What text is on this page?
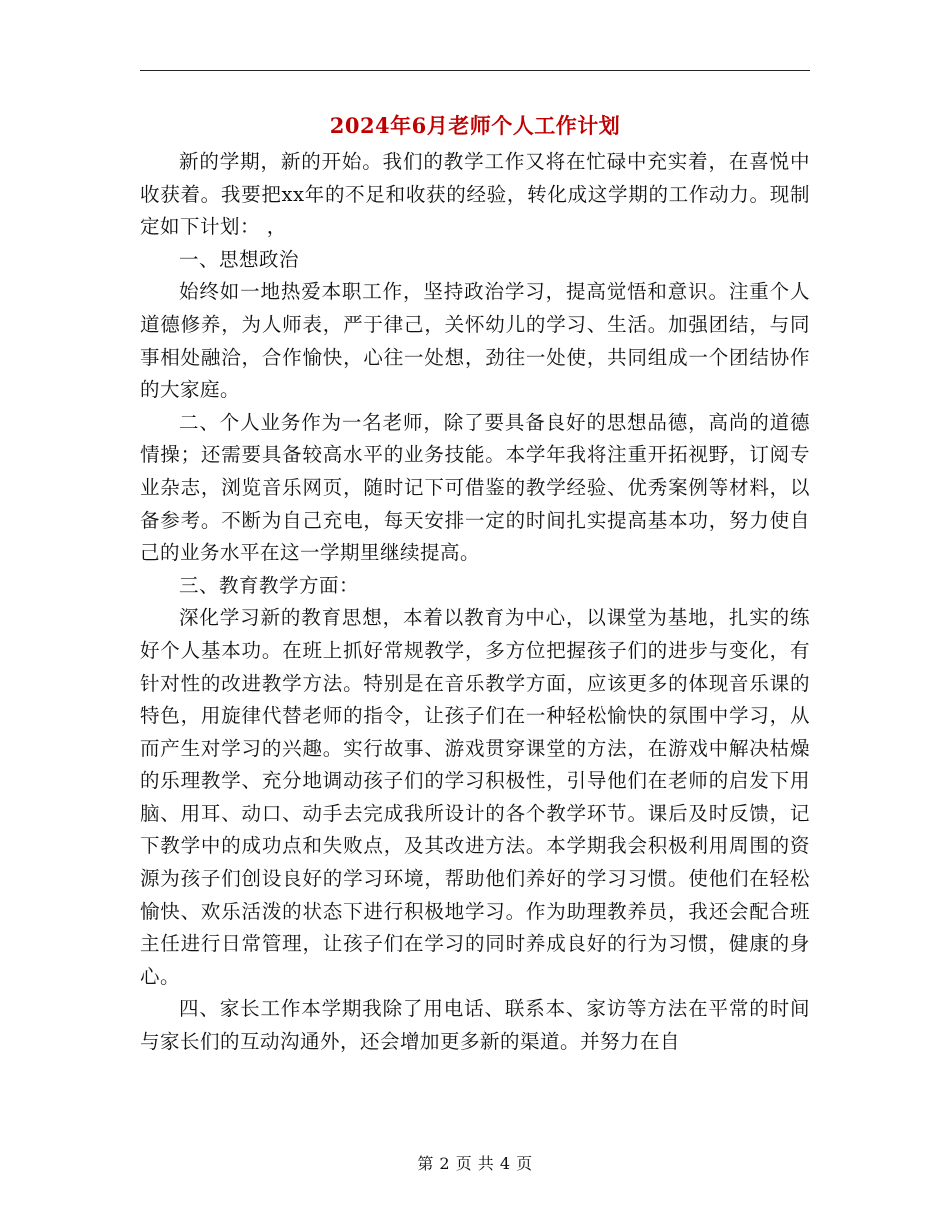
2024年6月老师个人工作计划

新的学期，新的开始。我们的教学工作又将在忙碌中充实着，在喜悦中收获着。我要把xx年的不足和收获的经验，转化成这学期的工作动力。现制定如下计划： ，

一、思想政治

始终如一地热爱本职工作，坚持政治学习，提高觉悟和意识。注重个人道德修养，为人师表，严于律己，关怀幼儿的学习、生活。加强团结，与同事相处融洽，合作愉快，心往一处想，劲往一处使，共同组成一个团结协作的大家庭。

二、个人业务作为一名老师，除了要具备良好的思想品德，高尚的道德情操；还需要具备较高水平的业务技能。本学年我将注重开拓视野，订阅专业杂志，浏览音乐网页，随时记下可借鉴的教学经验、优秀案例等材料，以备参考。不断为自己充电，每天安排一定的时间扎实提高基本功，努力使自己的业务水平在这一学期里继续提高。

三、教育教学方面：

深化学习新的教育思想，本着以教育为中心，以课堂为基地，扎实的练好个人基本功。在班上抓好常规教学，多方位把握孩子们的进步与变化，有针对性的改进教学方法。特别是在音乐教学方面，应该更多的体现音乐课的特色，用旋律代替老师的指令，让孩子们在一种轻松愉快的氛围中学习，从而产生对学习的兴趣。实行故事、游戏贯穿课堂的方法，在游戏中解决枯燥的乐理教学、充分地调动孩子们的学习积极性，引导他们在老师的启发下用脑、用耳、动口、动手去完成我所设计的各个教学环节。课后及时反馈，记下教学中的成功点和失败点，及其改进方法。本学期我会积极利用周围的资源为孩子们创设良好的学习环境，帮助他们养好的学习习惯。使他们在轻松愉快、欢乐活泼的状态下进行积极地学习。作为助理教养员，我还会配合班主任进行日常管理，让孩子们在学习的同时养成良好的行为习惯，健康的身心。

四、家长工作本学期我除了用电话、联系本、家访等方法在平常的时间与家长们的互动沟通外，还会增加更多新的渠道。并努力在自

第 2 页 共 4 页
